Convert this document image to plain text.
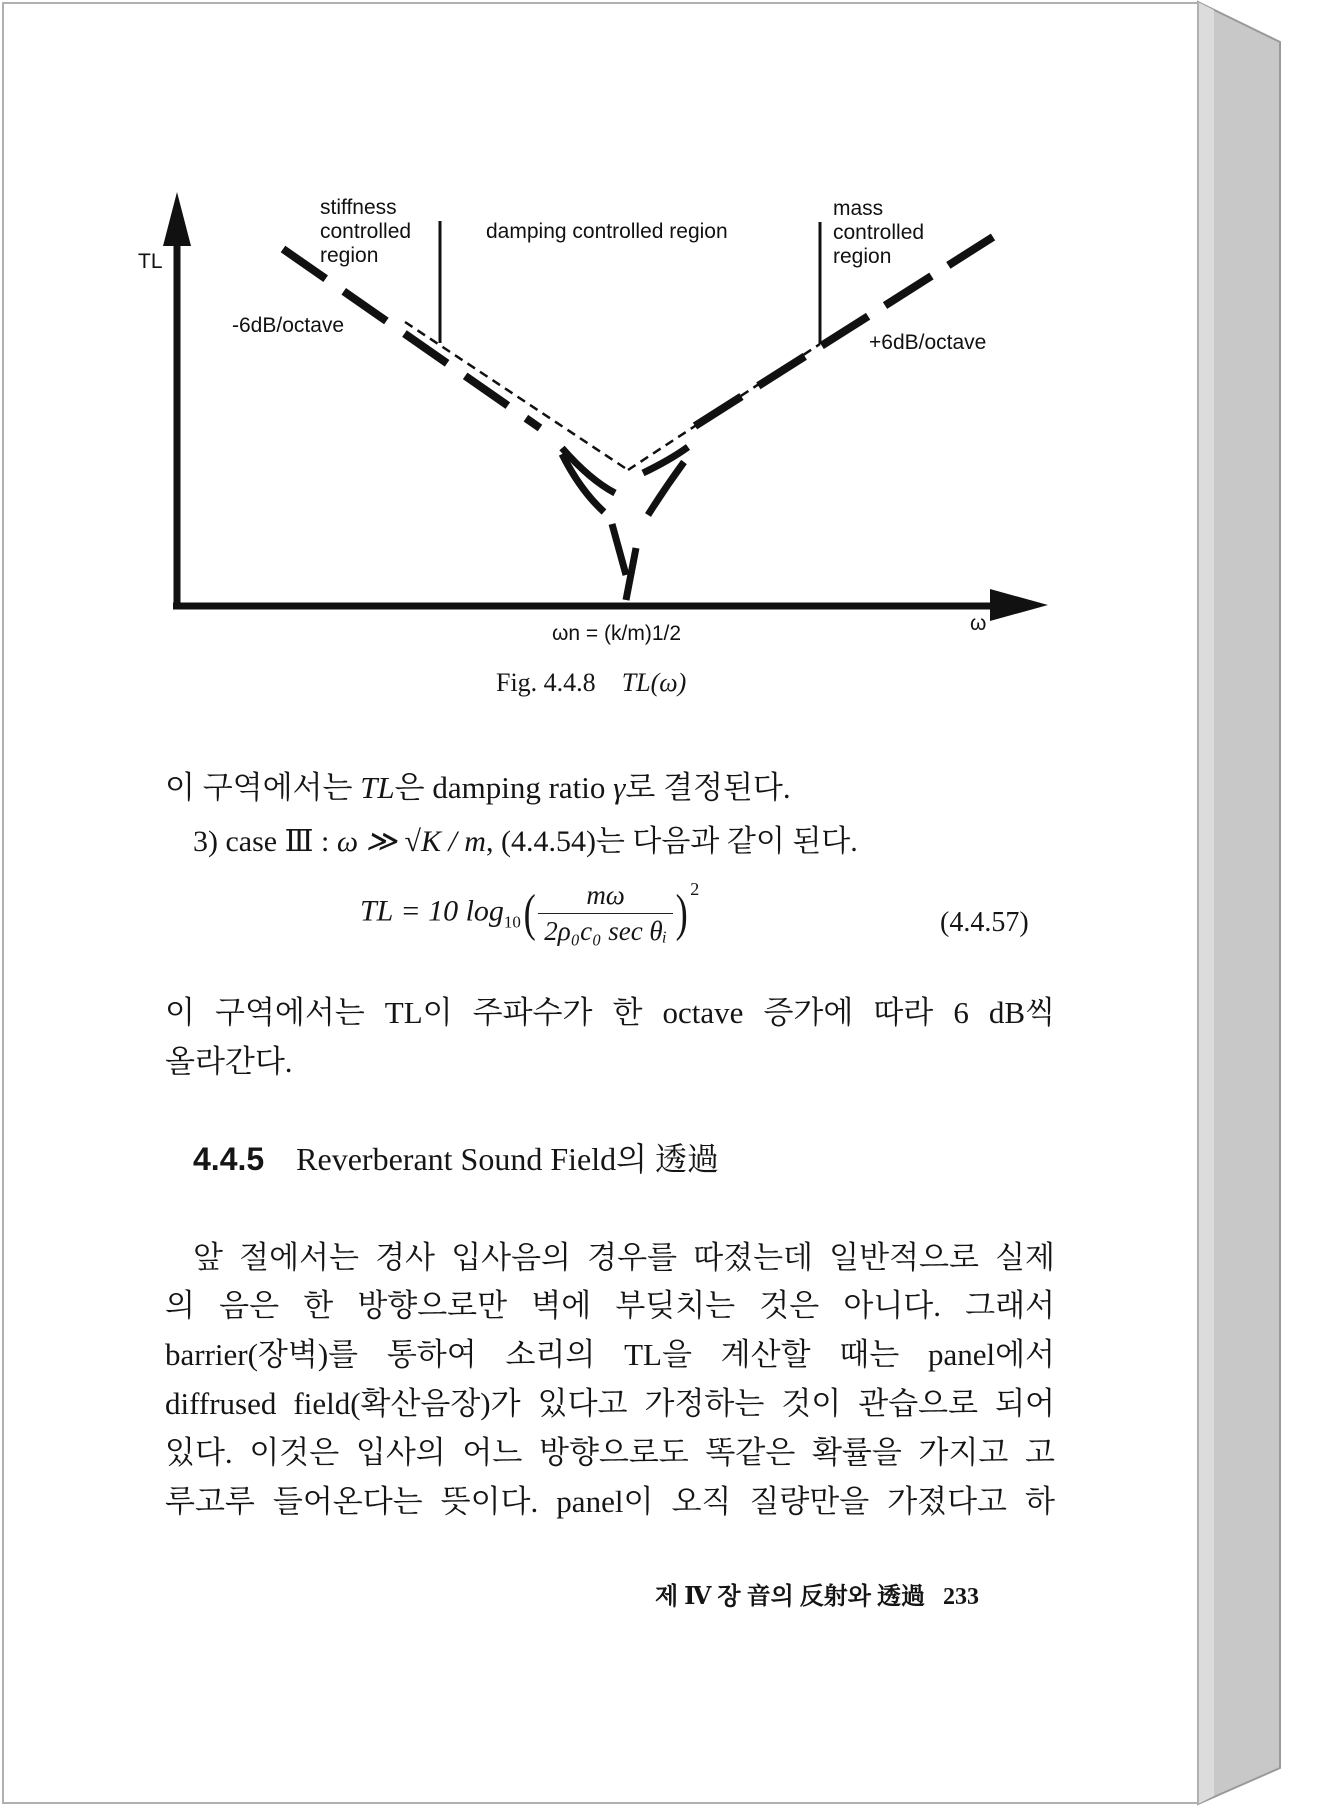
TL
ω
stiffness
controlled
region
damping controlled region
mass
controlled
region
-6dB/octave
+6dB/octave
ωn = (k/m)1/2
Fig. 4.4.8 TL(ω)
이 구역에서는 TL은 damping ratio γ로 결정된다.
3) case Ⅲ : ω ≫ √K / m, (4.4.54)는 다음과 같이 된다.
TL = 10 $\log_{10}( \frac{m\omega}{\text{2ρ₀c₀ sec θᵢ}}$ ) $^2$
(4.4.57)
이 구역에서는 TL이 주파수가 한 octave 증가에 따라 6 dB씩
올라간다.
4.4.5 Reverberant Sound Field의 透過
앞 절에서는 경사 입사음의 경우를 따졌는데 일반적으로 실제
의 음은 한 방향으로만 벽에 부딪치는 것은 아니다. 그래서
barrier(장벽)를 통하여 소리의 TL을 계산할 때는 panel에서
diffrused field(확산음장)가 있다고 가정하는 것이 관습으로 되어
있다. 이것은 입사의 어느 방향으로도 똑같은 확률을 가지고 고
루고루 들어온다는 뜻이다. panel이 오직 질량만을 가졌다고 하
제 Ⅳ 장 音의 反射와 透過 233
